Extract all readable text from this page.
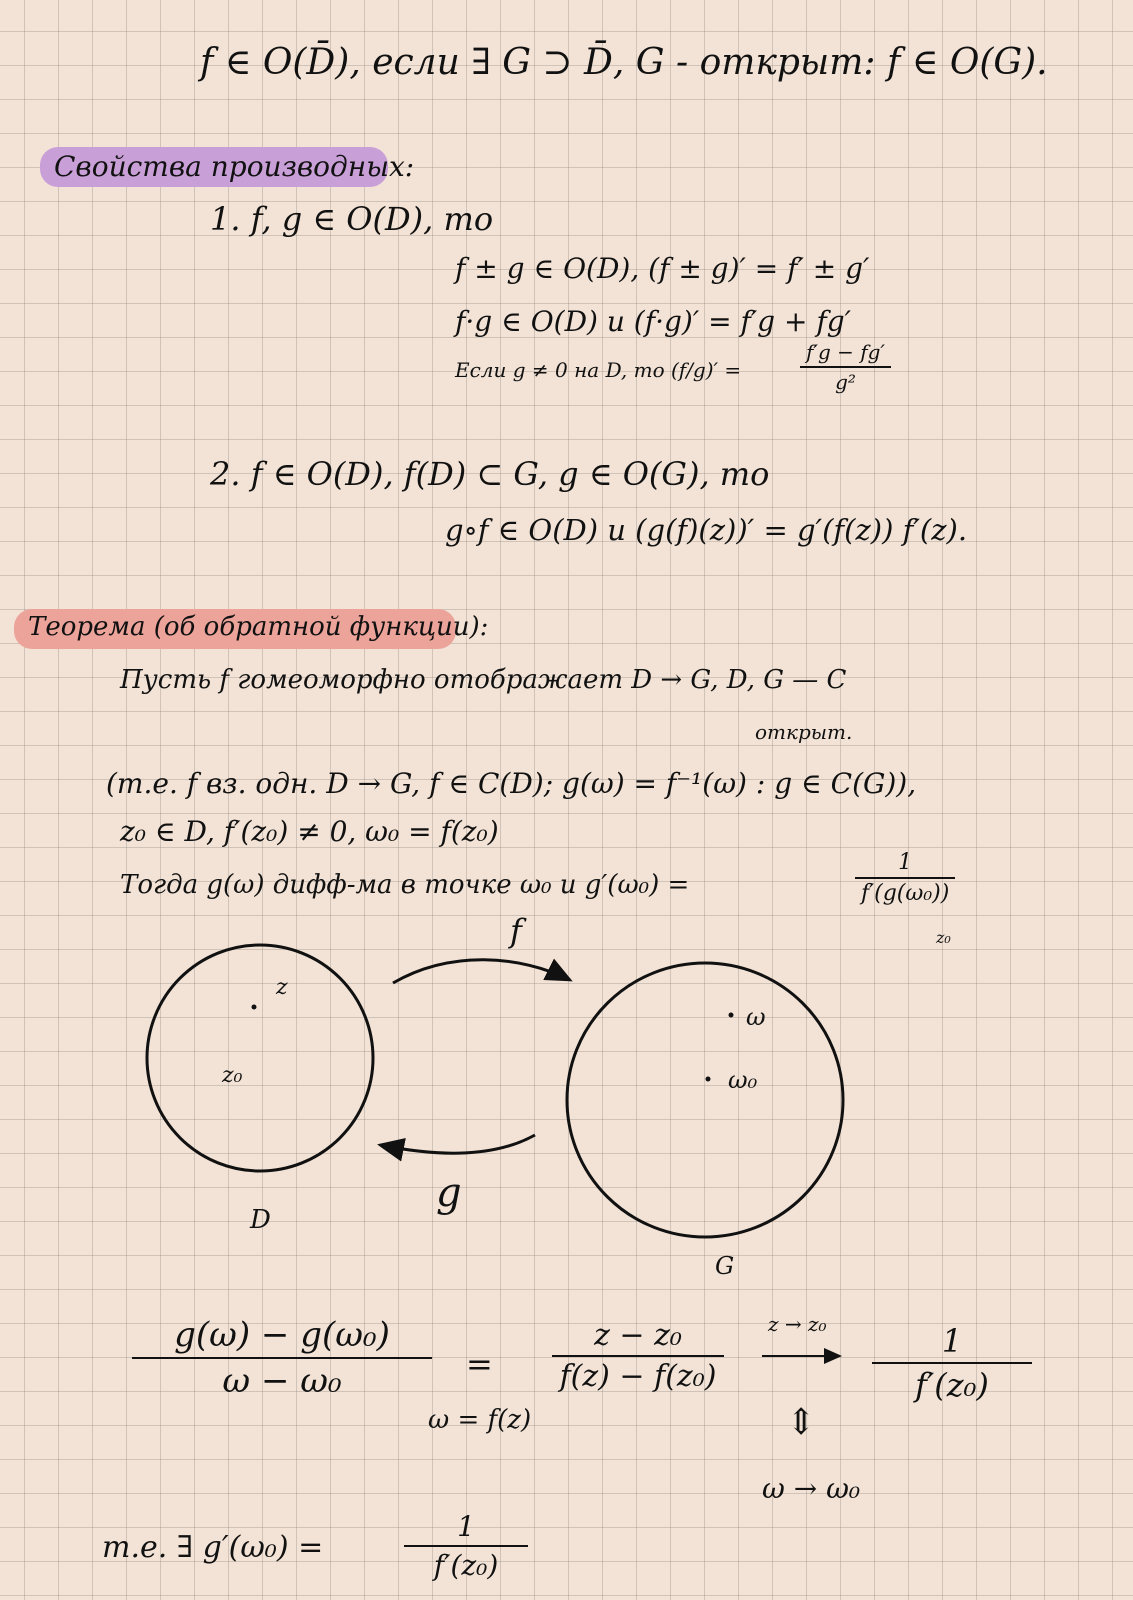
f ∈ O(D̄), если ∃ G ⊃ D̄, G - открыт: f ∈ O(G).
Свойства производных:
1. f, g ∈ O(D), то
f ± g ∈ O(D), (f ± g)′ = f′ ± g′
f·g ∈ O(D) и (f·g)′ = f′g + fg′
Если g ≠ 0 на D, то (f/g)′ =	$\frac{f'g - fg'}{\text{g²}}$
2. f ∈ O(D), f(D) ⊂ G, g ∈ O(G), то
g∘f ∈ O(D) и (g(f)(z))′ = g′(f(z)) f′(z).
Теорема (об обратной функции):
Пусть f гомеоморфно отображает D → G, D, G — C
открыт.
(т.е. f вз. одн. D → G, f ∈ C(D); g(ω) = f⁻¹(ω) : g ∈ C(G)),
z₀ ∈ D, f′(z₀) ≠ 0, ω₀ = f(z₀)
Тогда g(ω) дифф-ма в точке ω₀ и g′(ω₀) =	$\frac{1}{\text{f′(g(ω₀))}}$
z₀
f
g
D
G
z
z₀
ω
ω₀
$\frac{\text{g(ω) − g(ω₀)}}{\text{ω − ω₀}}$ =
ω = f(z)
$\frac{\text{z − z₀}}{\text{f(z) − f(z₀)}}$ $z \to z_0 \frac{1}{\text{f′(z₀)}}$
⇕
ω → ω₀
т.е. ∃ g′(ω₀) =	$\frac{1}{\text{f′(z₀)}}$
